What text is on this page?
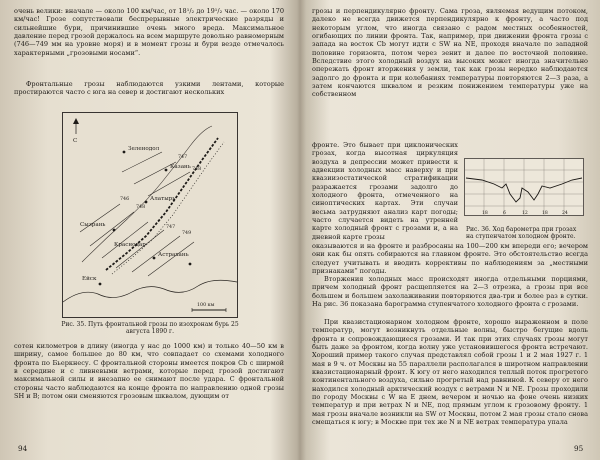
очень велики: вначале — около 100 км/час, от 18¹/₂ до 19¹/₂ час. — около 170 км/час! Грозе сопутствовали беспрерывные электрические разряды и сильнейшие бури, причинившие очень много вреда. Максимальное давление перед грозой держалось на всем маршруте довольно равномерным (746—749 мм на уровне моря) и в момент грозы и бури везде отмечалось характерными „грозовыми носами“.

Фронтальные грозы наблюдаются узкими лентами, которые простираются часто с юга на север и достигают нескольких

Зеленодол
Казань
Алатырь
Сызрань
Краснодар
Ейск
Астрахань
746
748
747
749
748
747
С
100 км
Рис. 35. Путь фронтальной грозы по изохронам бурь 25 августа 1890 г.

сотен километров в длину (иногда у нас до 1000 км) и только 40—50 км в ширину, самое большее до 80 км, что совпадает со схемами холодного фронта по Бьеркнесу. С фронтальной стороны имеется покров Cb с ширмой в середине и с ливневыми ветрами, которые перед грозой достигают максимальной силы и внезапно ее снимают после удара. С фронтальной стороны часто наблюдаются на конце фронта по направлению одной грозы SH и B; потом они сменяются грозовым шквалом, дующим от

94

грозы и перпендикулярно фронту. Сама гроза, являемая ведущим потоком, далеко не всегда движется перпендикулярно к фронту, а часто под некоторым углом, что иногда связано с радом местных особенностей, огибающих по линии фронта. Так, например, при движении фронта грозы с запада на восток Cb могут идти с SW на NE, проходя вначале по западной половине горизонта, потом через зенит и далее по восточной половине. Вследствие этого холодный воздух на высоких может иногда значительно опережать фронт вторжения у земли, так как грозы нередко наблюдаются задолго до фронта и при колебаниях температуры повторяются 2—3 раза, а затем кончаются шквалом и резким понижением температуры уже на собственном

фронте. Это бывает при циклонических грозах, когда высотная циркуляция воздуха в депрессии может привести к адвекции холодных масс наверху и при квазиизостатической стратификации разражается грозами задолго до холодного фронта, отмеченного на синоптических картах. Эти случаи весьма затрудняют анализ карт погоды; часто случается видеть на утренней карте холодный фронт с грозами и, а на дневной карте грозы

18	6	12	18	24
Рис. 36. Ход барометра при грозах на ступенчатом холодном фронте.

оказываются и на фронте и разбросаны на 100—200 км впереди его; вечером они как бы опять собираются на главном фронте. Это обстоятельство всегда следует учитывать и вводить коррективы по наблюдениям за „местными признаками“ погоды.

Вторжения холодных масс происходят иногда отдельными порциями, причем холодный фронт расщепляется на 2—3 отрезка, а грозы при все большем и большем захолаживании повторяются два-три и более раз в сутки. На рис. 36 показана барограмма ступенчатого холодного фронта с грозами.

При квазистационарном холодном фронте, хорошо выраженном в поле температур, могут возникнуть отдельные волны, быстро бегущие вдоль фронта и сопровождающиеся грозами. И так при этих случаях грозы могут быть даже за фронтом, когда волну уже установившегося фронта встречают. Хороший пример такого случая представлял собой грозы 1 и 2 мая 1927 г. 1 мая в 9 ч. от Москвы на 55 параллели располагался в широтном направлении квазистационарный фронт. К югу от него находился теплый поток прогретого континентального воздуха, сильно прогретый над равниной. К северу от него находился холодный арктический воздух с ветрами N и NE. Грозы проходили по городу Москвы с W на E днем, вечером и ночью на фоне очень низких температур и при ветрах N и NE, под прямым углом к грозовому фронту. 1 мая грозы вначале возникли на SW от Москвы, потом 2 мая грозы стало снова смещаться к югу; в Москве при тех же N и NE ветрах температура упала

95
